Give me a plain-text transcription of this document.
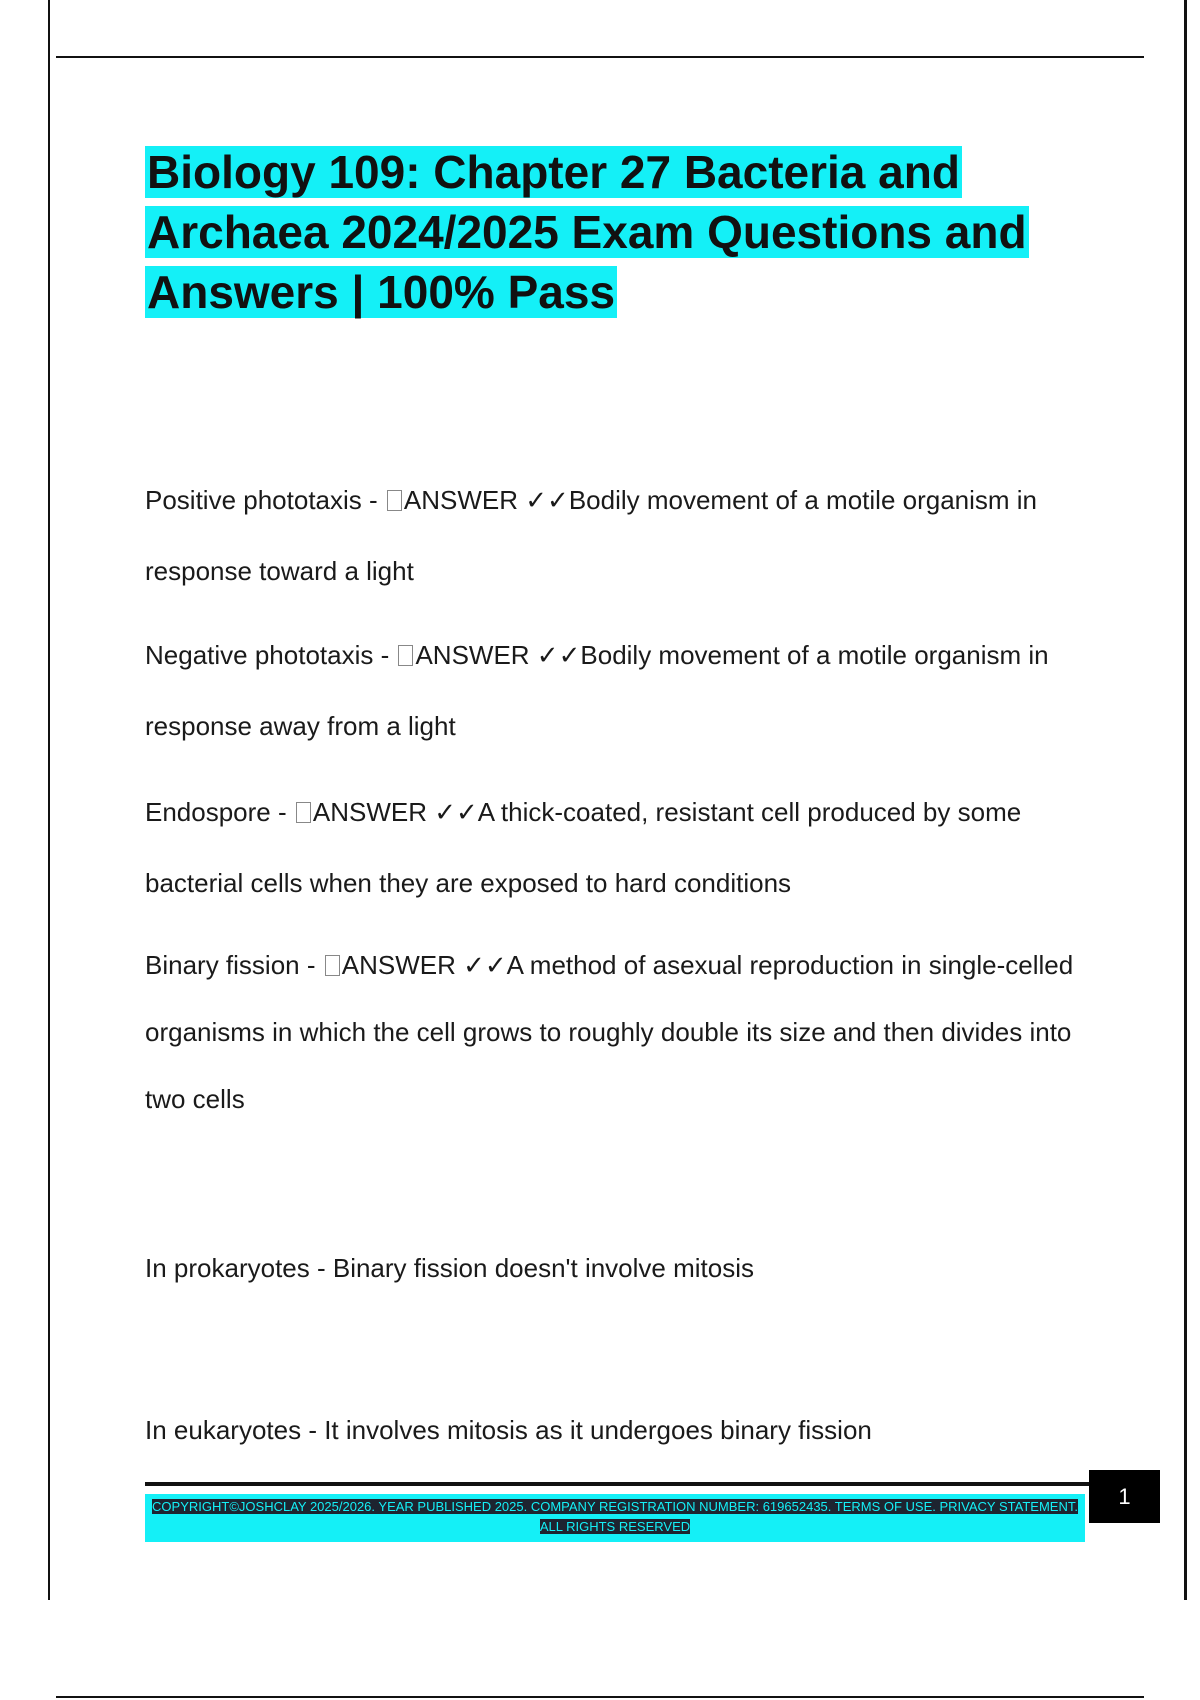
Biology 109: Chapter 27 Bacteria and Archaea 2024/2025 Exam Questions and Answers | 100% Pass

Positive phototaxis - ANSWER ✓✓Bodily movement of a motile organism in response toward a light

Negative phototaxis - ANSWER ✓✓Bodily movement of a motile organism in response away from a light

Endospore - ANSWER ✓✓A thick-coated, resistant cell produced by some bacterial cells when they are exposed to hard conditions

Binary fission - ANSWER ✓✓A method of asexual reproduction in single-celled organisms in which the cell grows to roughly double its size and then divides into two cells

In prokaryotes - Binary fission doesn't involve mitosis

In eukaryotes - It involves mitosis as it undergoes binary fission

COPYRIGHT©JOSHCLAY 2025/2026. YEAR PUBLISHED 2025. COMPANY REGISTRATION NUMBER: 619652435. TERMS OF USE. PRIVACY STATEMENT. ALL RIGHTS RESERVED
1
